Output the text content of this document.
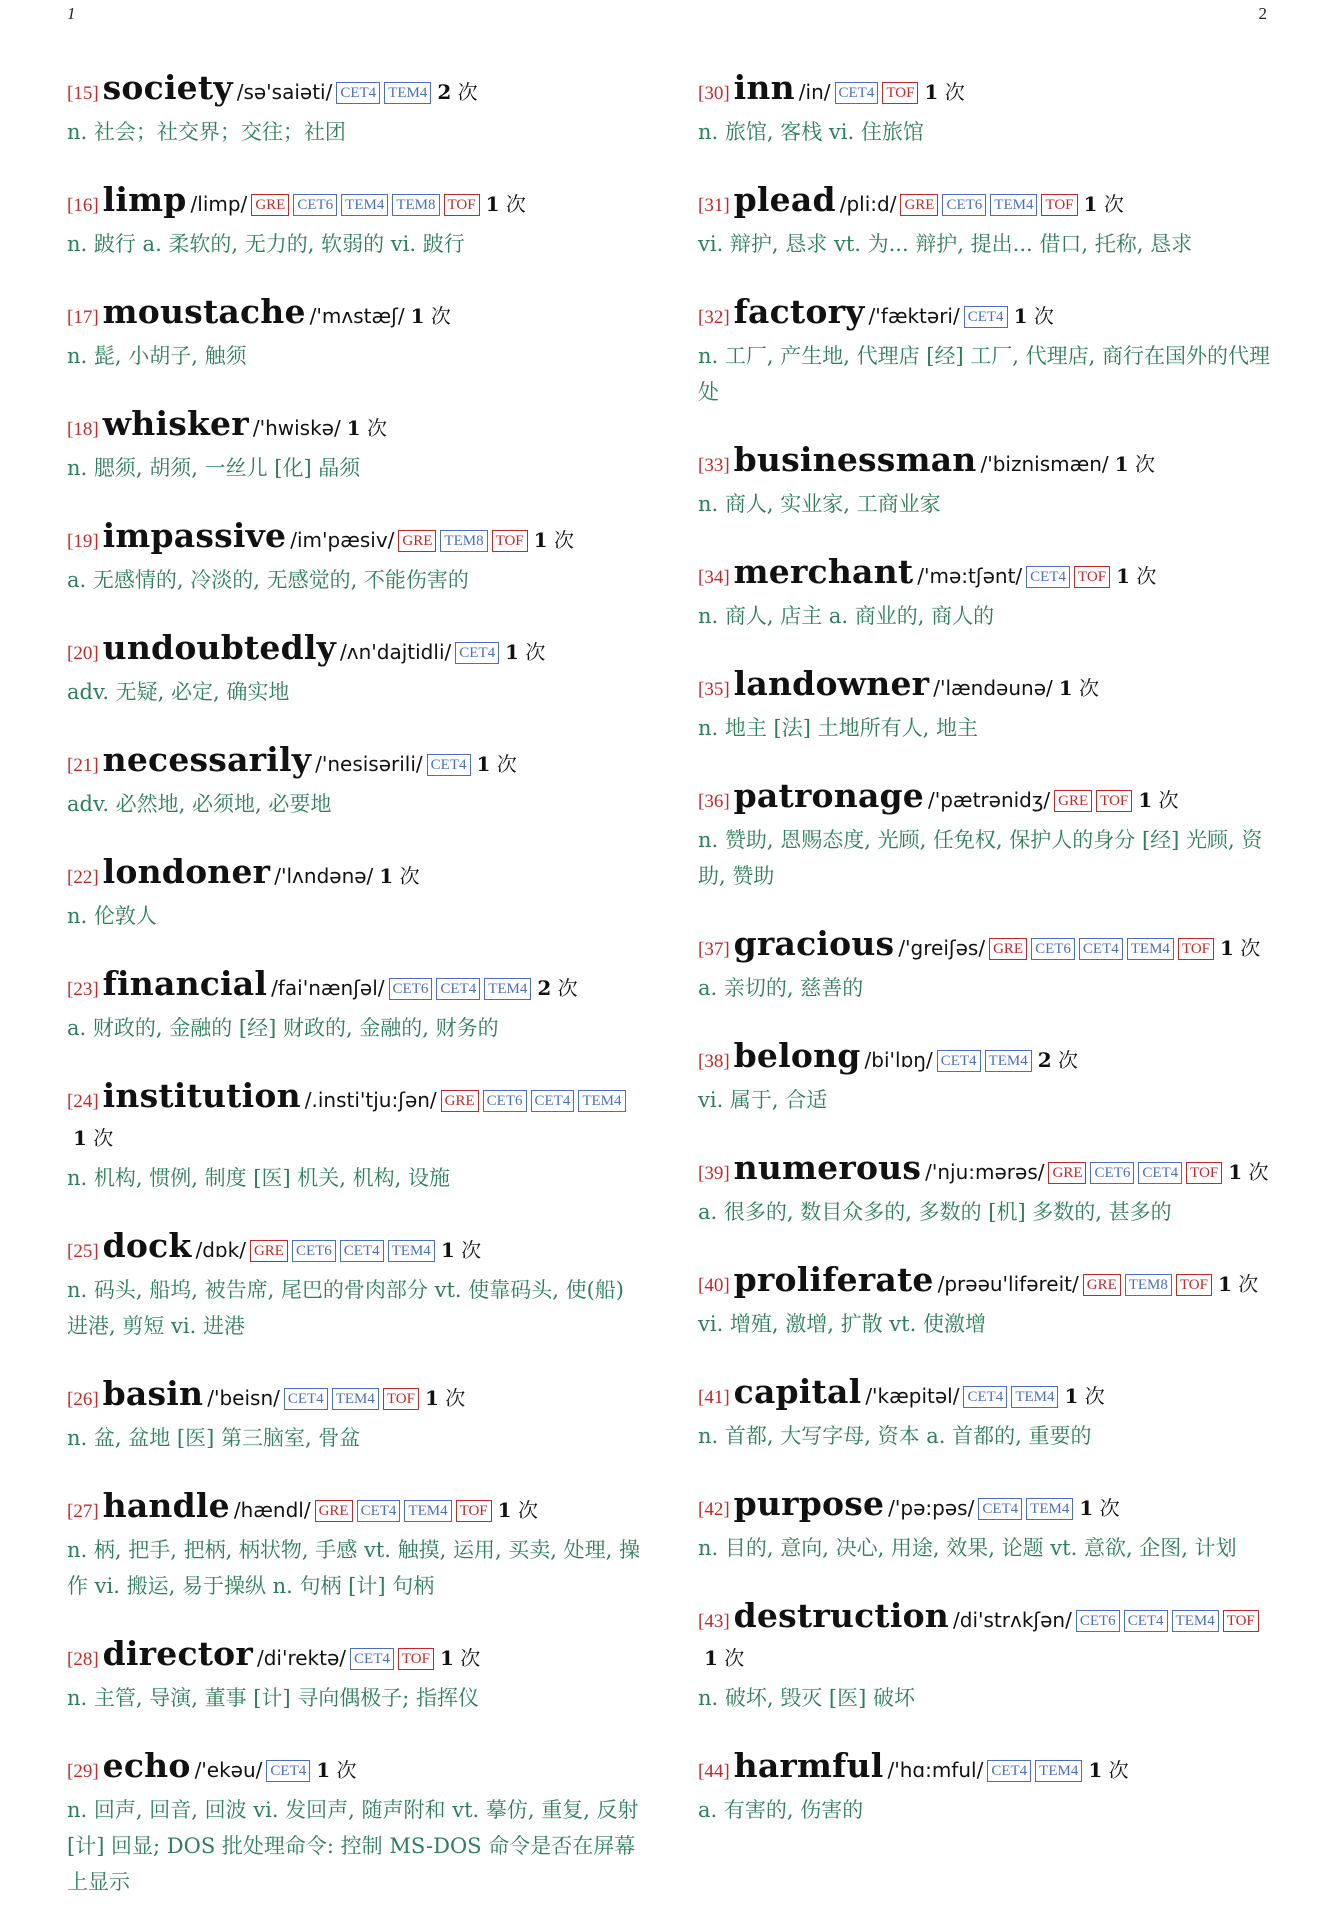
1	2
[15] society /sə'saiəti/ CET4 TEM4 2 次
n. 社会；社交界；交往；社团
[16] limp /limp/ GRE CET6 TEM4 TEM8 TOF 1 次
n. 跛行 a. 柔软的, 无力的, 软弱的 vi. 跛行
[17] moustache /'mʌstæʃ/ 1 次
n. 髭, 小胡子, 触须
[18] whisker /'hwiskə/ 1 次
n. 腮须, 胡须, 一丝儿 [化] 晶须
[19] impassive /im'pæsiv/ GRE TEM8 TOF 1 次
a. 无感情的, 冷淡的, 无感觉的, 不能伤害的
[20] undoubtedly /ʌn'dajtidli/ CET4 1 次
adv. 无疑, 必定, 确实地
[21] necessarily /'nesisərili/ CET4 1 次
adv. 必然地, 必须地, 必要地
[22] londoner /'lʌndənə/ 1 次
n. 伦敦人
[23] financial /fai'nænʃəl/ CET6 CET4 TEM4 2 次
a. 财政的, 金融的 [经] 财政的, 金融的, 财务的
[24] institution /.insti'tju:ʃən/ GRE CET6 CET4 TEM41 次
n. 机构, 惯例, 制度 [医] 机关, 机构, 设施
[25] dock /dɒk/ GRE CET6 CET4 TEM4 1 次
n. 码头, 船坞, 被告席, 尾巴的骨肉部分 vt. 使靠码头, 使(船) 进港, 剪短 vi. 进港
[26] basin /'beisn/ CET4 TEM4 TOF 1 次
n. 盆, 盆地 [医] 第三脑室, 骨盆
[27] handle /hændl/ GRE CET4 TEM4 TOF 1 次
n. 柄, 把手, 把柄, 柄状物, 手感 vt. 触摸, 运用, 买卖, 处理, 操作 vi. 搬运, 易于操纵 n. 句柄 [计] 句柄
[28] director /di'rektə/ CET4 TOF 1 次
n. 主管, 导演, 董事 [计] 寻向偶极子; 指挥仪
[29] echo /'ekəu/ CET4 1 次
n. 回声, 回音, 回波 vi. 发回声, 随声附和 vt. 摹仿, 重复, 反射 [计] 回显; DOS 批处理命令: 控制 MS-DOS 命令是否在屏幕上显示
[30] inn /in/ CET4 TOF 1 次
n. 旅馆, 客栈 vi. 住旅馆
[31] plead /pli:d/ GRE CET6 TEM4 TOF 1 次
vi. 辩护, 恳求 vt. 为... 辩护, 提出... 借口, 托称, 恳求
[32] factory /'fæktəri/ CET4 1 次
n. 工厂, 产生地, 代理店 [经] 工厂, 代理店, 商行在国外的代理处
[33] businessman /'biznismæn/ 1 次
n. 商人, 实业家, 工商业家
[34] merchant /'mə:tʃənt/ CET4 TOF 1 次
n. 商人, 店主 a. 商业的, 商人的
[35] landowner /'lændəunə/ 1 次
n. 地主 [法] 土地所有人, 地主
[36] patronage /'pætrənidʒ/ GRE TOF 1 次
n. 赞助, 恩赐态度, 光顾, 任免权, 保护人的身分 [经] 光顾, 资助, 赞助
[37] gracious /'greiʃəs/ GRE CET6 CET4 TEM4 TOF 1 次
a. 亲切的, 慈善的
[38] belong /bi'lɒŋ/ CET4 TEM4 2 次
vi. 属于, 合适
[39] numerous /'nju:mərəs/ GRE CET6 CET4 TOF 1 次
a. 很多的, 数目众多的, 多数的 [机] 多数的, 甚多的
[40] proliferate /prəəu'lifəreit/ GRE TEM8 TOF 1 次
vi. 增殖, 激增, 扩散 vt. 使激增
[41] capital /'kæpitəl/ CET4 TEM4 1 次
n. 首都, 大写字母, 资本 a. 首都的, 重要的
[42] purpose /'pə:pəs/ CET4 TEM4 1 次
n. 目的, 意向, 决心, 用途, 效果, 论题 vt. 意欲, 企图, 计划
[43] destruction /di'strʌkʃən/ CET6 CET4 TEM4 TOF1 次
n. 破坏, 毁灭 [医] 破坏
[44] harmful /'hɑ:mful/ CET4 TEM4 1 次
a. 有害的, 伤害的
